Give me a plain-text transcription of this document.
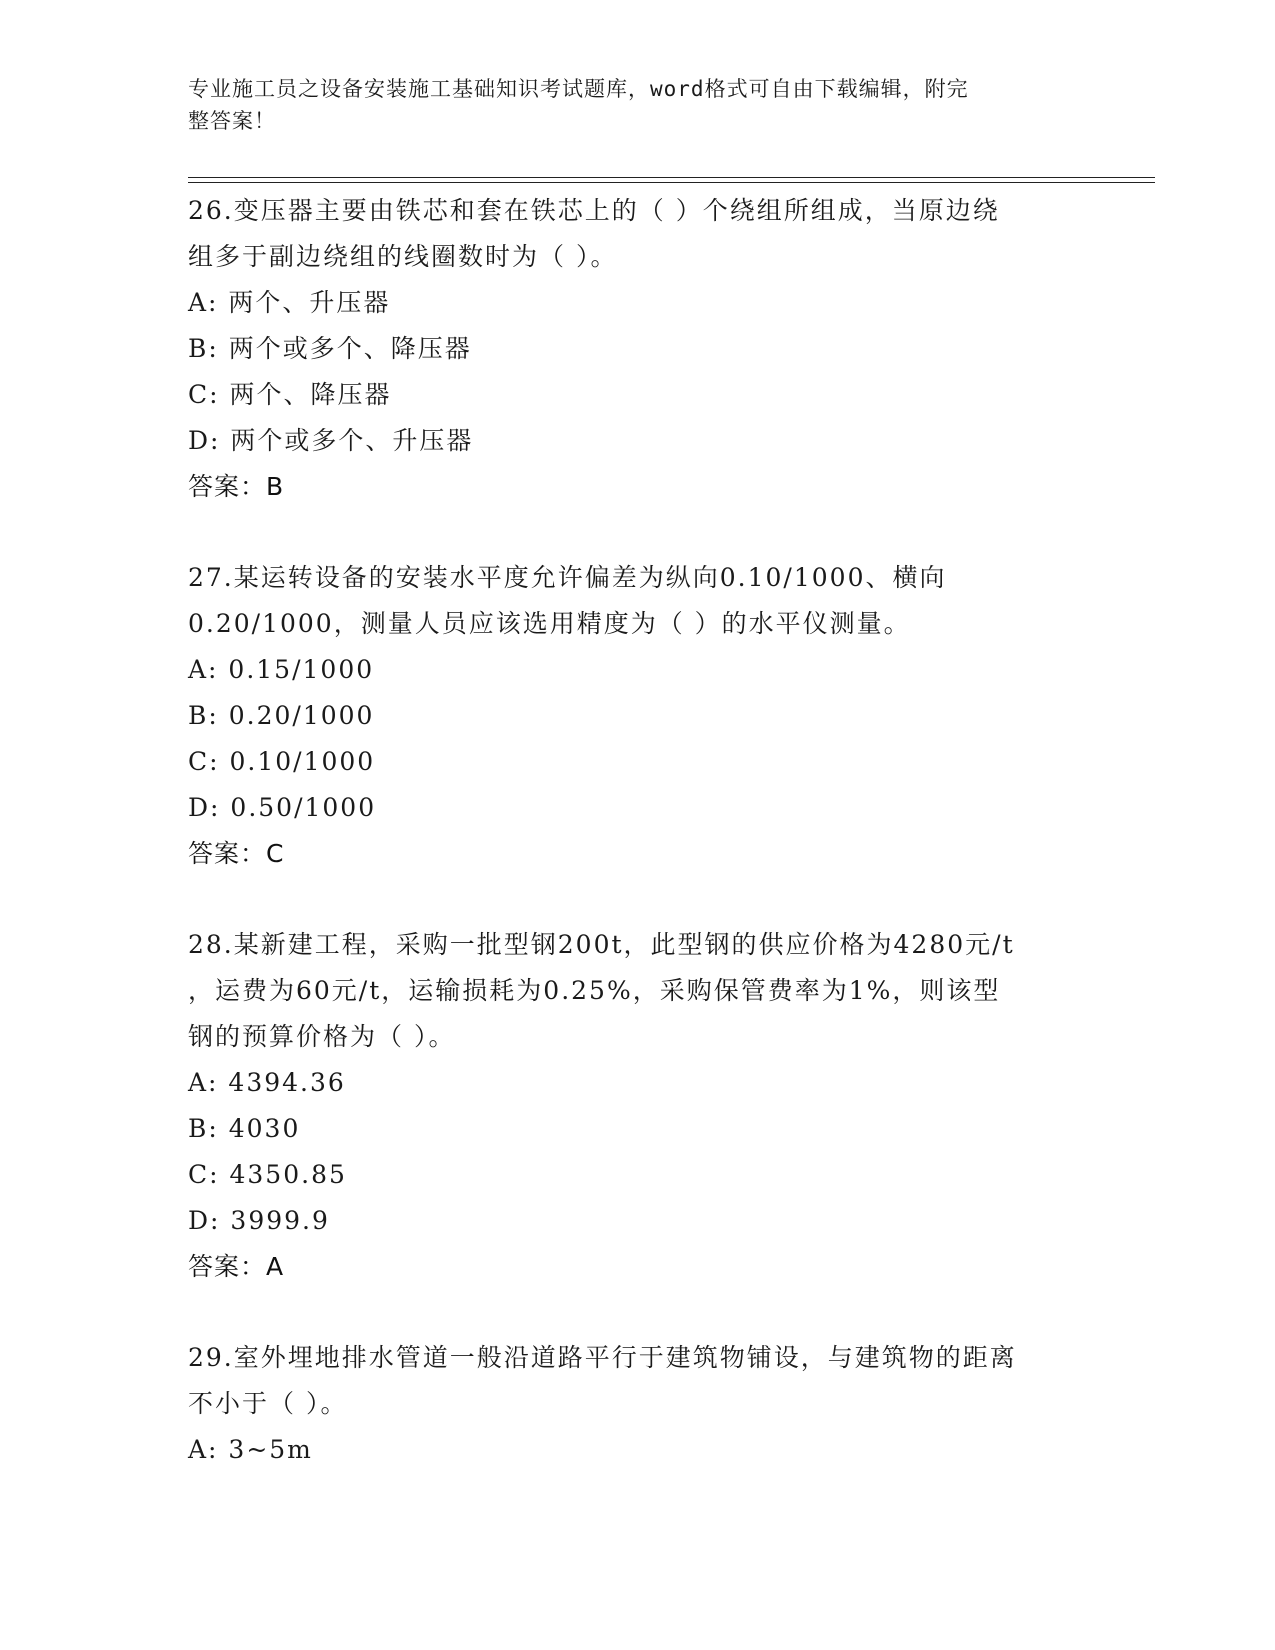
专业施工员之设备安装施工基础知识考试题库，word格式可自由下载编辑，附完
整答案！

26.变压器主要由铁芯和套在铁芯上的（ ）个绕组所组成，当原边绕

组多于副边绕组的线圈数时为（ ）。

A: 两个、升压器

B: 两个或多个、降压器

C: 两个、降压器

D: 两个或多个、升压器

答案：B

27.某运转设备的安装水平度允许偏差为纵向0.10/1000、横向

0.20/1000，测量人员应该选用精度为（ ）的水平仪测量。

A: 0.15/1000

B: 0.20/1000

C: 0.10/1000

D: 0.50/1000

答案：C

28.某新建工程，采购一批型钢200t，此型钢的供应价格为4280元/t

，运费为60元/t，运输损耗为0.25%，采购保管费率为1%，则该型

钢的预算价格为（ ）。

A: 4394.36

B: 4030

C: 4350.85

D: 3999.9

答案：A

29.室外埋地排水管道一般沿道路平行于建筑物铺设，与建筑物的距离

不小于（ ）。

A: 3~5m
